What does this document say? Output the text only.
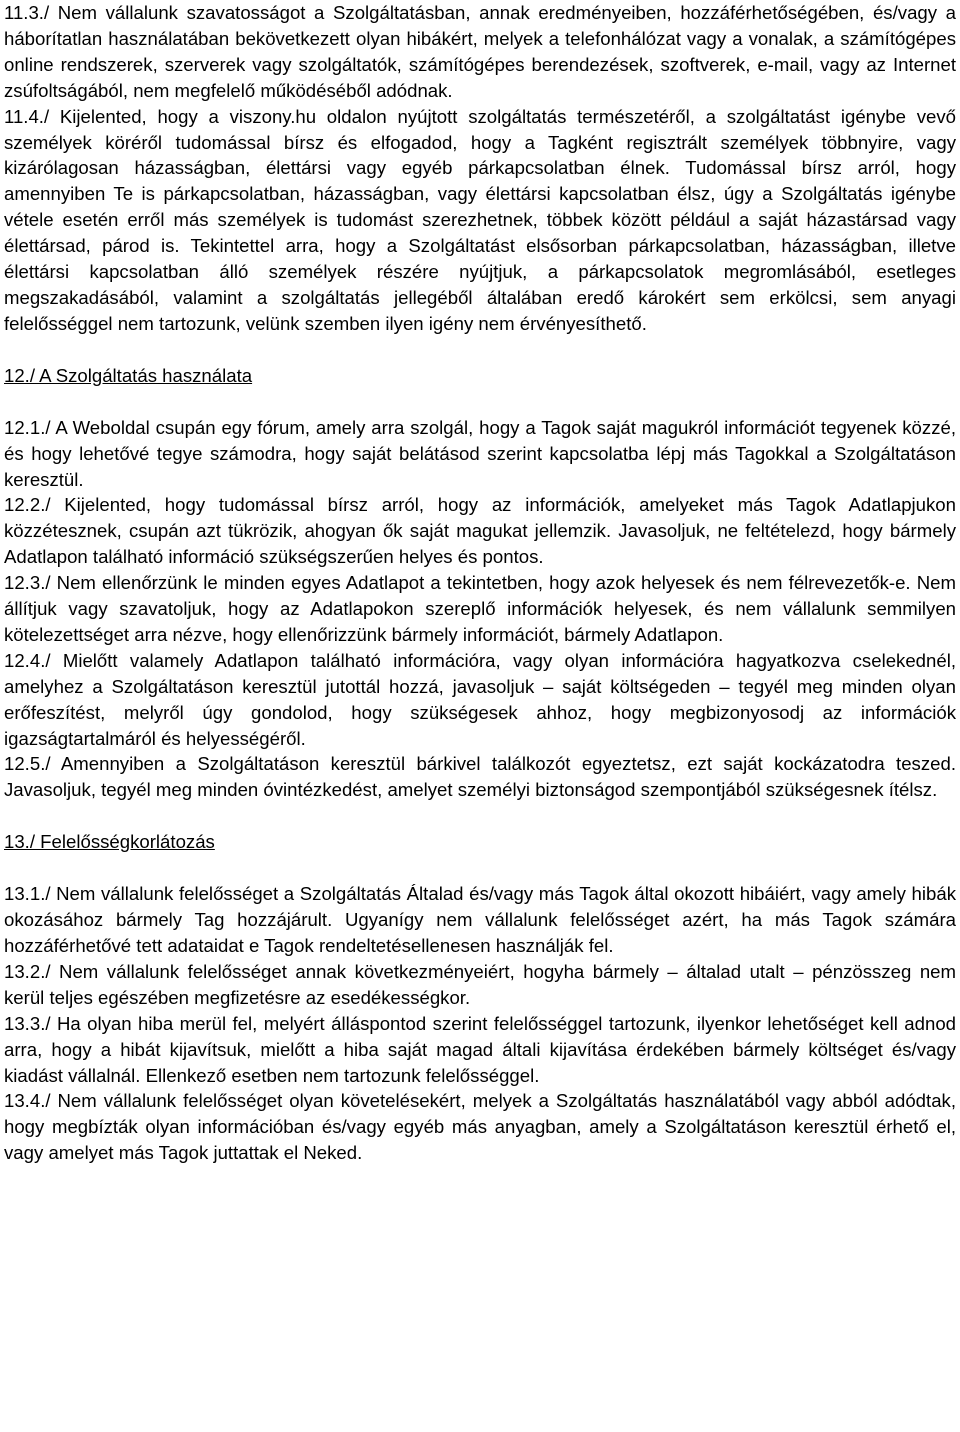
11.3./ Nem vállalunk szavatosságot a Szolgáltatásban, annak eredményeiben, hozzáférhetőségében, és/vagy a háborítatlan használatában bekövetkezett olyan hibákért, melyek a telefonhálózat vagy a vonalak, a számítógépes online rendszerek, szerverek vagy szolgáltatók, számítógépes berendezések, szoftverek, e-mail, vagy az Internet zsúfoltságából, nem megfelelő működéséből adódnak.

11.4./ Kijelented, hogy a viszony.hu oldalon nyújtott szolgáltatás természetéről, a szolgáltatást igénybe vevő személyek köréről tudomással bírsz és elfogadod, hogy a Tagként regisztrált személyek többnyire, vagy kizárólagosan házasságban, élettársi vagy egyéb párkapcsolatban élnek. Tudomással bírsz arról, hogy amennyiben Te is párkapcsolatban, házasságban, vagy élettársi kapcsolatban élsz, úgy a Szolgáltatás igénybe vétele esetén erről más személyek is tudomást szerezhetnek, többek között például a saját házastársad vagy élettársad, párod is. Tekintettel arra, hogy a Szolgáltatást elsősorban párkapcsolatban, házasságban, illetve élettársi kapcsolatban álló személyek részére nyújtjuk, a párkapcsolatok megromlásából, esetleges megszakadásából, valamint a szolgáltatás jellegéből általában eredő károkért sem erkölcsi, sem anyagi felelősséggel nem tartozunk, velünk szemben ilyen igény nem érvényesíthető.

12./ A Szolgáltatás használata

12.1./ A Weboldal csupán egy fórum, amely arra szolgál, hogy a Tagok saját magukról információt tegyenek közzé, és hogy lehetővé tegye számodra, hogy saját belátásod szerint kapcsolatba lépj más Tagokkal a Szolgáltatáson keresztül.

12.2./ Kijelented, hogy tudomással bírsz arról, hogy az információk, amelyeket más Tagok Adatlapjukon közzétesznek, csupán azt tükrözik, ahogyan ők saját magukat jellemzik. Javasoljuk, ne feltételezd, hogy bármely Adatlapon található információ szükségszerűen helyes és pontos.

12.3./ Nem ellenőrzünk le minden egyes Adatlapot a tekintetben, hogy azok helyesek és nem félrevezetők-e. Nem állítjuk vagy szavatoljuk, hogy az Adatlapokon szereplő információk helyesek, és nem vállalunk semmilyen kötelezettséget arra nézve, hogy ellenőrizzünk bármely információt, bármely Adatlapon.

12.4./ Mielőtt valamely Adatlapon található információra, vagy olyan információra hagyatkozva cselekednél, amelyhez a Szolgáltatáson keresztül jutottál hozzá, javasoljuk – saját költségeden – tegyél meg minden olyan erőfeszítést, melyről úgy gondolod, hogy szükségesek ahhoz, hogy megbizonyosodj az információk igazságtartalmáról és helyességéről.

12.5./ Amennyiben a Szolgáltatáson keresztül bárkivel találkozót egyeztetsz, ezt saját kockázatodra teszed. Javasoljuk, tegyél meg minden óvintézkedést, amelyet személyi biztonságod szempontjából szükségesnek ítélsz.

13./ Felelősségkorlátozás

13.1./ Nem vállalunk felelősséget a Szolgáltatás Általad és/vagy más Tagok által okozott hibáiért, vagy amely hibák okozásához bármely Tag hozzájárult. Ugyanígy nem vállalunk felelősséget azért, ha más Tagok számára hozzáférhetővé tett adataidat e Tagok rendeltetésellenesen használják fel.

13.2./ Nem vállalunk felelősséget annak következményeiért, hogyha bármely – általad utalt – pénzösszeg nem kerül teljes egészében megfizetésre az esedékességkor.

13.3./ Ha olyan hiba merül fel, melyért álláspontod szerint felelősséggel tartozunk, ilyenkor lehetőséget kell adnod arra, hogy a hibát kijavítsuk, mielőtt a hiba saját magad általi kijavítása érdekében bármely költséget és/vagy kiadást vállalnál. Ellenkező esetben nem tartozunk felelősséggel.

13.4./ Nem vállalunk felelősséget olyan követelésekért, melyek a Szolgáltatás használatából vagy abból adódtak, hogy megbízták olyan információban és/vagy egyéb más anyagban, amely a Szolgáltatáson keresztül érhető el, vagy amelyet más Tagok juttattak el Neked.
